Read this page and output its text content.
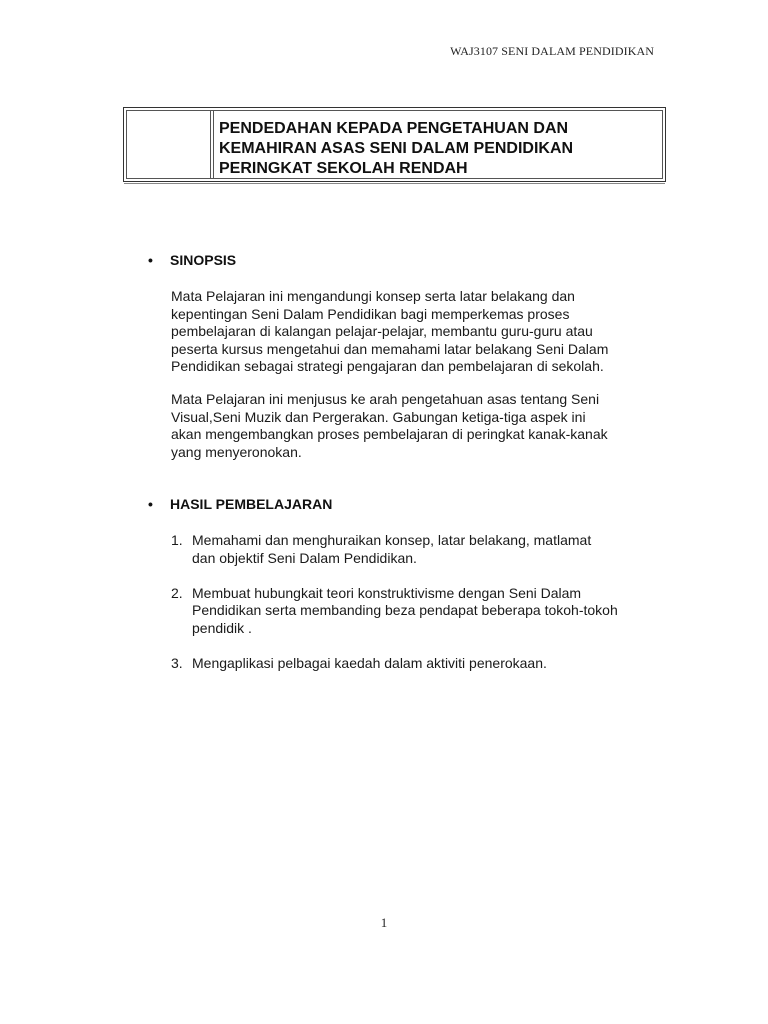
WAJ3107 SENI DALAM PENDIDIKAN
PENDEDAHAN KEPADA PENGETAHUAN DAN KEMAHIRAN ASAS SENI DALAM PENDIDIKAN PERINGKAT SEKOLAH RENDAH
•	SINOPSIS

Mata Pelajaran ini mengandungi konsep serta latar belakang dan
kepentingan Seni Dalam Pendidikan bagi memperkemas proses
pembelajaran di kalangan pelajar-pelajar, membantu guru-guru atau
peserta kursus mengetahui dan memahami latar belakang Seni Dalam
Pendidikan sebagai strategi pengajaran dan pembelajaran di sekolah.

Mata Pelajaran ini menjusus ke arah pengetahuan asas tentang Seni
Visual,Seni Muzik dan Pergerakan. Gabungan ketiga-tiga aspek ini
akan mengembangkan proses pembelajaran di peringkat kanak-kanak
yang menyeronokan.

•	HASIL PEMBELAJARAN
1. Memahami dan menghuraikan konsep, latar belakang, matlamat
dan objektif Seni Dalam Pendidikan.
2. Membuat hubungkait teori konstruktivisme dengan Seni Dalam
Pendidikan serta membanding beza pendapat beberapa tokoh-tokoh
pendidik .
3. Mengaplikasi pelbagai kaedah dalam aktiviti penerokaan.
1
